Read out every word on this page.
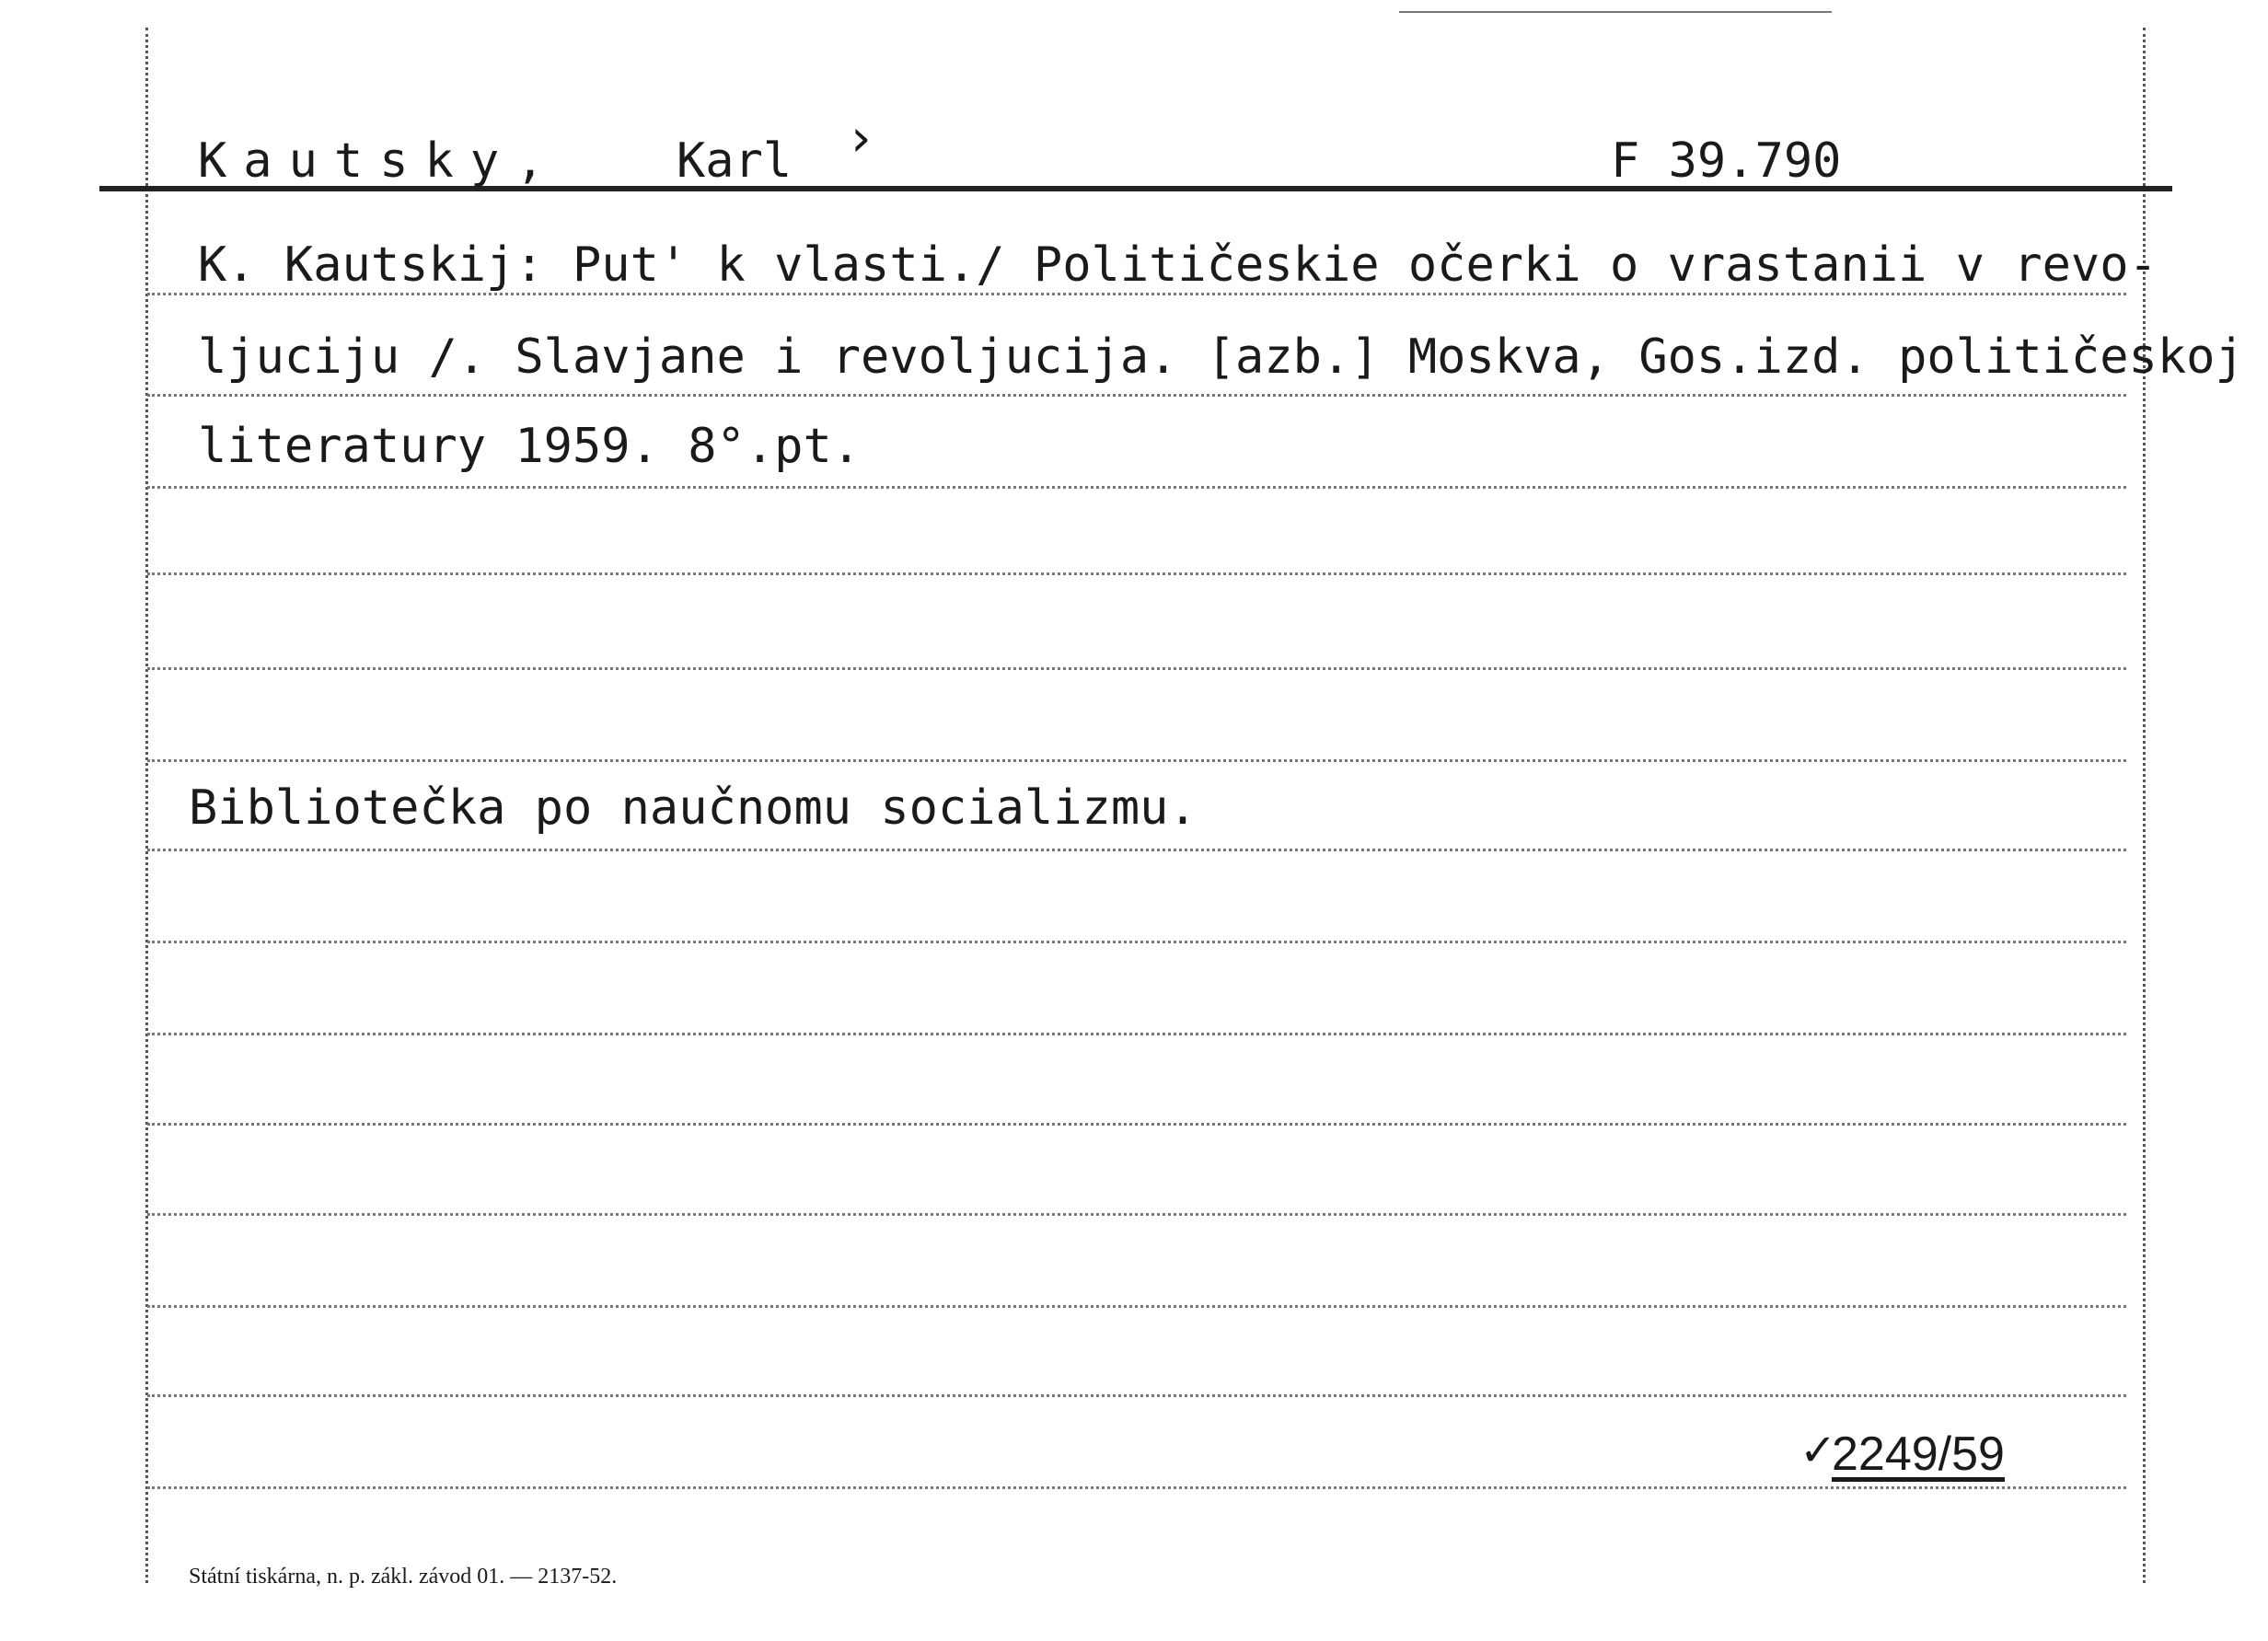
Kautsky, Karl ›	F 39.790
K. Kautskij: Put' k vlasti./ Političeskie očerki o vrastanii v revo-
ljuciju /. Slavjane i revoljucija. [azb.] Moskva, Gos.izd. političeskoj
literatury 1959. 8°.pt.
Bibliotečka po naučnomu socializmu.
✓
2249/59
Státní tiskárna, n. p. zákl. závod 01. — 2137-52.
